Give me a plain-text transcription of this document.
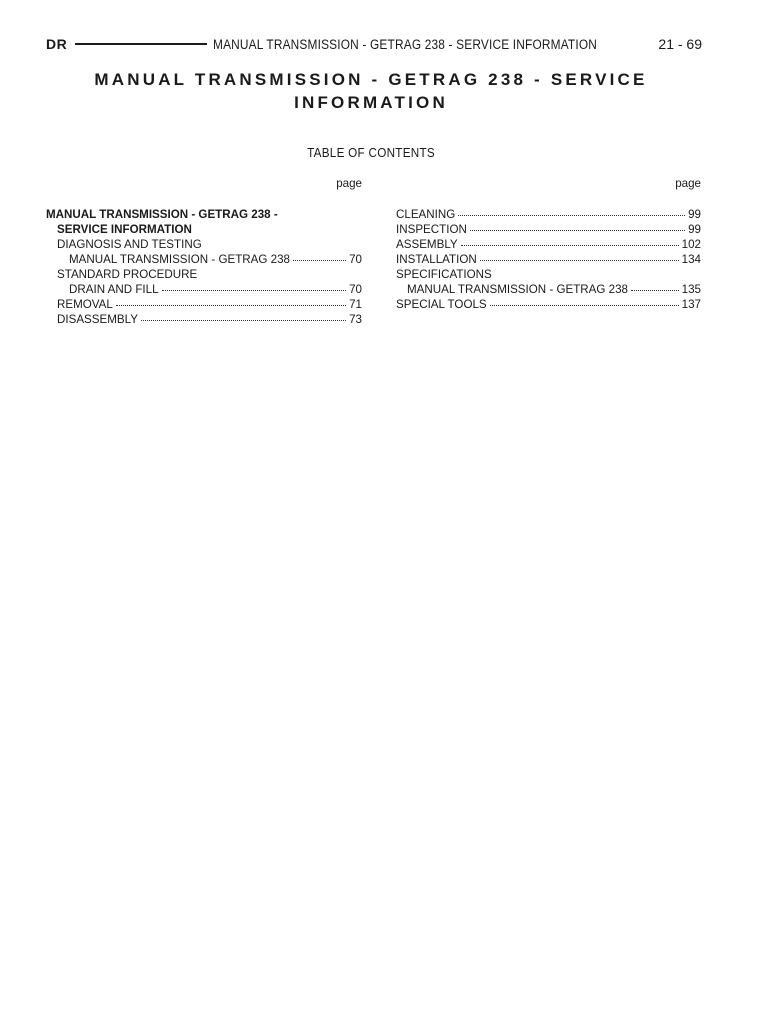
DR	MANUAL TRANSMISSION - GETRAG 238 - SERVICE INFORMATION	21 - 69
MANUAL TRANSMISSION - GETRAG 238 - SERVICE
INFORMATION
TABLE OF CONTENTS
page
MANUAL TRANSMISSION - GETRAG 238 -
SERVICE INFORMATION
DIAGNOSIS AND TESTING
MANUAL TRANSMISSION - GETRAG 238	70
STANDARD PROCEDURE
DRAIN AND FILL	70
REMOVAL	71
DISASSEMBLY	73
page
CLEANING	99
INSPECTION	99
ASSEMBLY	102
INSTALLATION	134
SPECIFICATIONS
MANUAL TRANSMISSION - GETRAG 238	135
SPECIAL TOOLS	137
